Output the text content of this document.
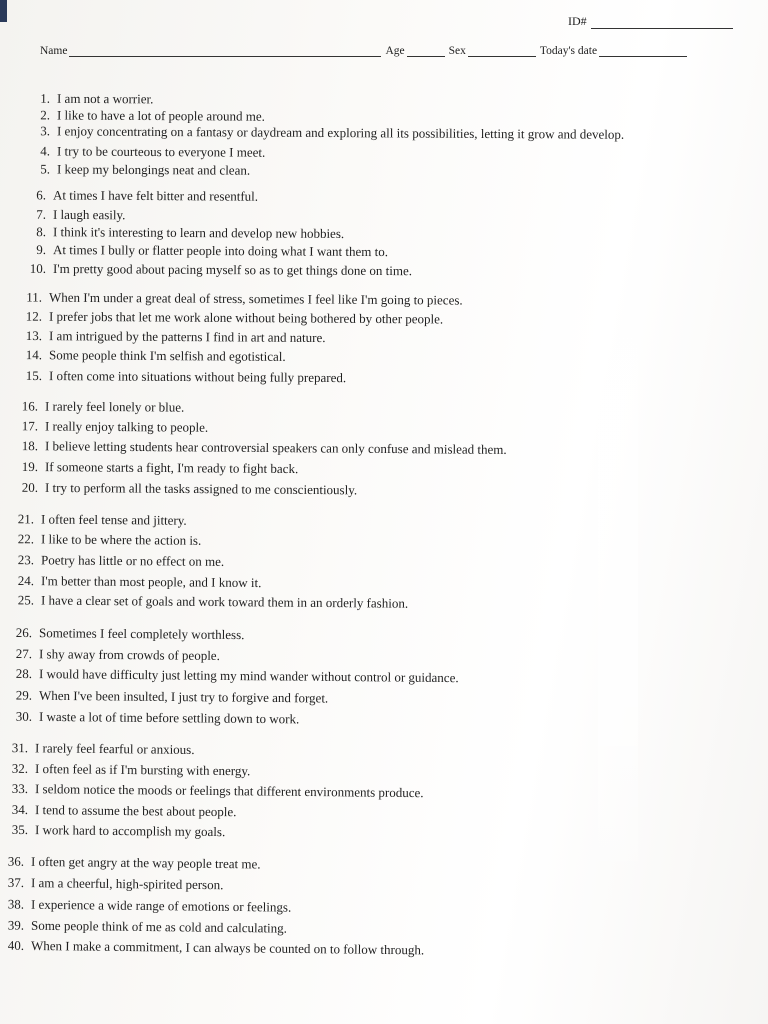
ID#
Name	Age	Sex	Today's date
1. I am not a worrier.
2. I like to have a lot of people around me.
3. I enjoy concentrating on a fantasy or daydream and exploring all its possibilities, letting it grow and develop.
4. I try to be courteous to everyone I meet.
5. I keep my belongings neat and clean.
6. At times I have felt bitter and resentful.
7. I laugh easily.
8. I think it's interesting to learn and develop new hobbies.
9. At times I bully or flatter people into doing what I want them to.
10. I'm pretty good about pacing myself so as to get things done on time.
11. When I'm under a great deal of stress, sometimes I feel like I'm going to pieces.
12. I prefer jobs that let me work alone without being bothered by other people.
13. I am intrigued by the patterns I find in art and nature.
14. Some people think I'm selfish and egotistical.
15. I often come into situations without being fully prepared.
16. I rarely feel lonely or blue.
17. I really enjoy talking to people.
18. I believe letting students hear controversial speakers can only confuse and mislead them.
19. If someone starts a fight, I'm ready to fight back.
20. I try to perform all the tasks assigned to me conscientiously.
21. I often feel tense and jittery.
22. I like to be where the action is.
23. Poetry has little or no effect on me.
24. I'm better than most people, and I know it.
25. I have a clear set of goals and work toward them in an orderly fashion.
26. Sometimes I feel completely worthless.
27. I shy away from crowds of people.
28. I would have difficulty just letting my mind wander without control or guidance.
29. When I've been insulted, I just try to forgive and forget.
30. I waste a lot of time before settling down to work.
31. I rarely feel fearful or anxious.
32. I often feel as if I'm bursting with energy.
33. I seldom notice the moods or feelings that different environments produce.
34. I tend to assume the best about people.
35. I work hard to accomplish my goals.
36. I often get angry at the way people treat me.
37. I am a cheerful, high-spirited person.
38. I experience a wide range of emotions or feelings.
39. Some people think of me as cold and calculating.
40. When I make a commitment, I can always be counted on to follow through.
